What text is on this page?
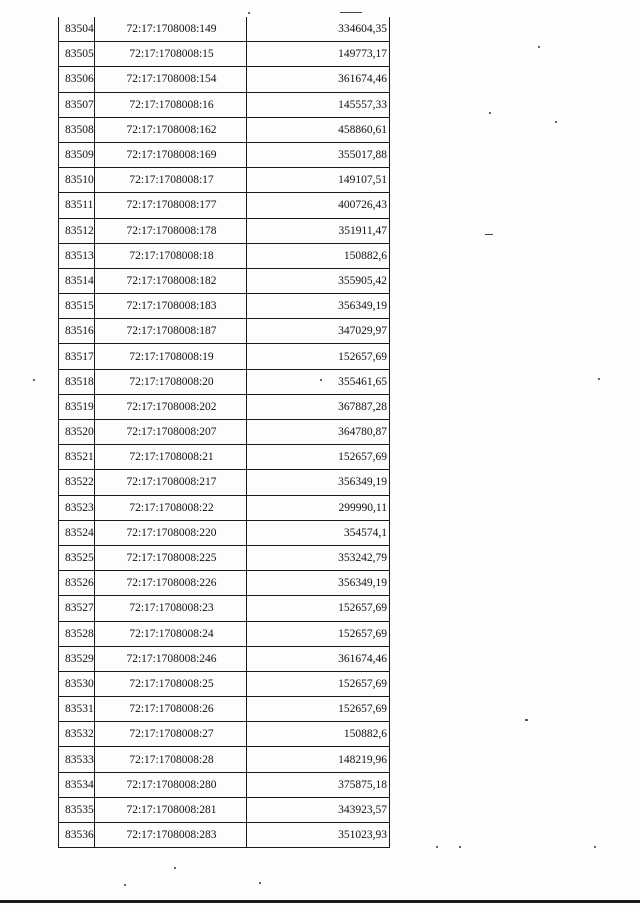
83504	72:17:1708008:149	334604,35
83505	72:17:1708008:15	149773,17
83506	72:17:1708008:154	361674,46
83507	72:17:1708008:16	145557,33
83508	72:17:1708008:162	458860,61
83509	72:17:1708008:169	355017,88
83510	72:17:1708008:17	149107,51
83511	72:17:1708008:177	400726,43
83512	72:17:1708008:178	351911,47
83513	72:17:1708008:18	150882,6
83514	72:17:1708008:182	355905,42
83515	72:17:1708008:183	356349,19
83516	72:17:1708008:187	347029,97
83517	72:17:1708008:19	152657,69
83518	72:17:1708008:20	355461,65
83519	72:17:1708008:202	367887,28
83520	72:17:1708008:207	364780,87
83521	72:17:1708008:21	152657,69
83522	72:17:1708008:217	356349,19
83523	72:17:1708008:22	299990,11
83524	72:17:1708008:220	354574,1
83525	72:17:1708008:225	353242,79
83526	72:17:1708008:226	356349,19
83527	72:17:1708008:23	152657,69
83528	72:17:1708008:24	152657,69
83529	72:17:1708008:246	361674,46
83530	72:17:1708008:25	152657,69
83531	72:17:1708008:26	152657,69
83532	72:17:1708008:27	150882,6
83533	72:17:1708008:28	148219,96
83534	72:17:1708008:280	375875,18
83535	72:17:1708008:281	343923,57
83536	72:17:1708008:283	351023,93
